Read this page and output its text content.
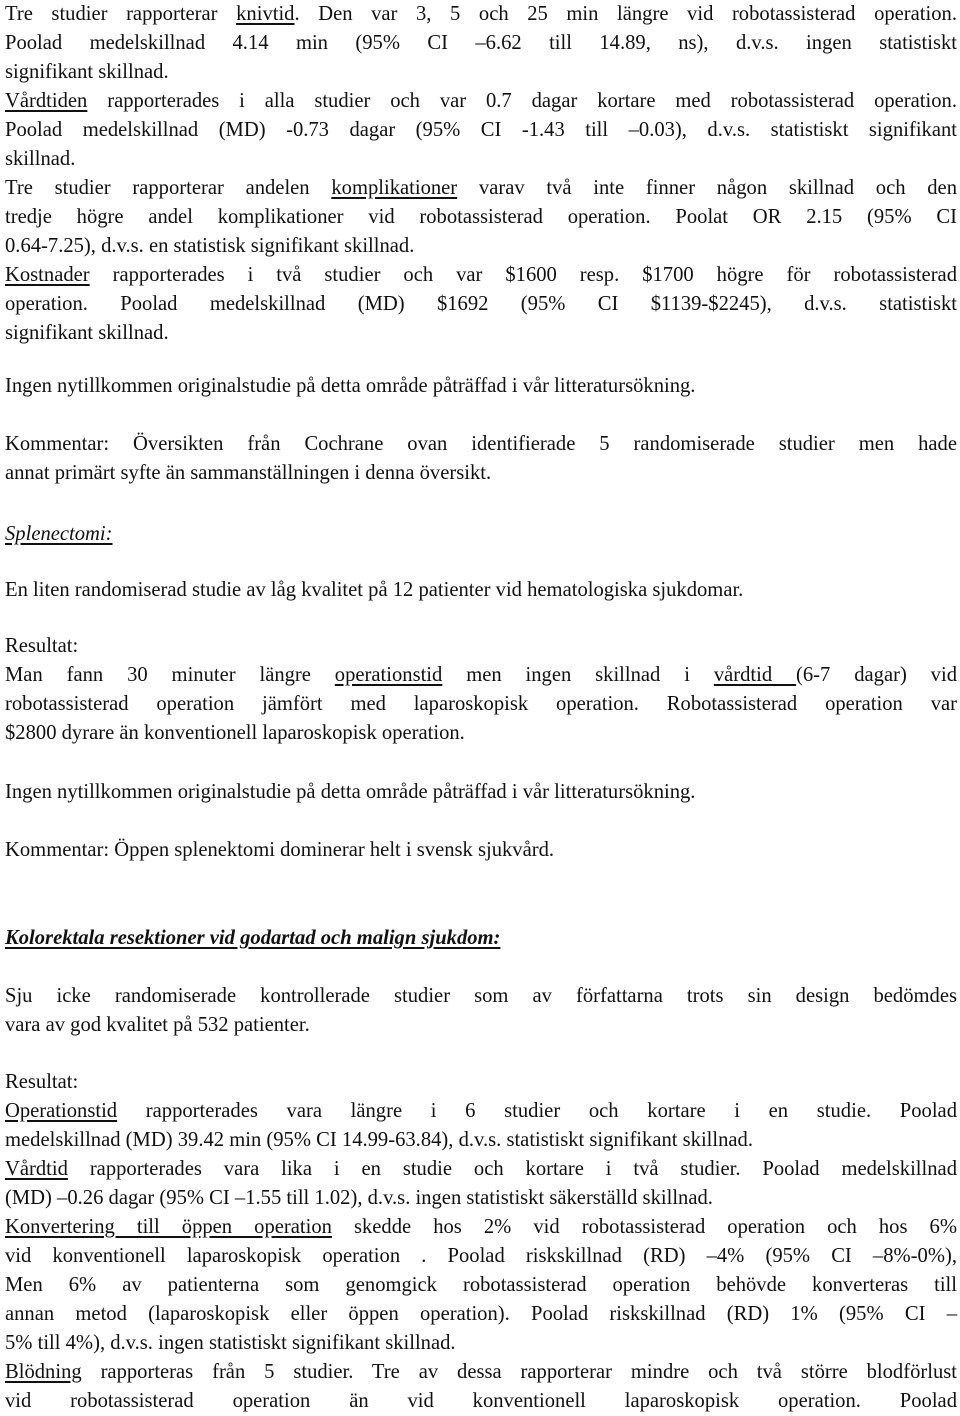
Tre studier rapporterar knivtid. Den var 3, 5 och 25 min längre vid robotassisterad operation.
Poolad medelskillnad 4.14 min (95% CI –6.62 till 14.89, ns), d.v.s. ingen statistiskt
signifikant skillnad.
Vårdtiden rapporterades i alla studier och var 0.7 dagar kortare med robotassisterad operation.
Poolad medelskillnad (MD) -0.73 dagar (95% CI -1.43 till –0.03), d.v.s. statistiskt signifikant
skillnad.
Tre studier rapporterar andelen komplikationer varav två inte finner någon skillnad och den
tredje högre andel komplikationer vid robotassisterad operation. Poolat OR 2.15 (95% CI
0.64-7.25), d.v.s. en statistisk signifikant skillnad.
Kostnader rapporterades i två studier och var $1600 resp. $1700 högre för robotassisterad
operation. Poolad medelskillnad (MD) $1692 (95% CI $1139-$2245), d.v.s. statistiskt
signifikant skillnad.
Ingen nytillkommen originalstudie på detta område påträffad i vår litteratursökning.
Kommentar: Översikten från Cochrane ovan identifierade 5 randomiserade studier men hade
annat primärt syfte än sammanställningen i denna översikt.
Splenectomi:
En liten randomiserad studie av låg kvalitet på 12 patienter vid hematologiska sjukdomar.
Resultat:
Man fann 30 minuter längre operationstid men ingen skillnad i vårdtid (6-7 dagar) vid
robotassisterad operation jämfört med laparoskopisk operation. Robotassisterad operation var
$2800 dyrare än konventionell laparoskopisk operation.
Ingen nytillkommen originalstudie på detta område påträffad i vår litteratursökning.
Kommentar: Öppen splenektomi dominerar helt i svensk sjukvård.
Kolorektala resektioner vid godartad och malign sjukdom:
Sju icke randomiserade kontrollerade studier som av författarna trots sin design bedömdes
vara av god kvalitet på 532 patienter.
Resultat:
Operationstid rapporterades vara längre i 6 studier och kortare i en studie. Poolad
medelskillnad (MD) 39.42 min (95% CI 14.99-63.84), d.v.s. statistiskt signifikant skillnad.
Vårdtid rapporterades vara lika i en studie och kortare i två studier. Poolad medelskillnad
(MD) –0.26 dagar (95% CI –1.55 till 1.02), d.v.s. ingen statistiskt säkerställd skillnad.
Konvertering till öppen operation skedde hos 2% vid robotassisterad operation och hos 6%
vid konventionell laparoskopisk operation . Poolad riskskillnad (RD) –4% (95% CI –8%-0%),
Men 6% av patienterna som genomgick robotassisterad operation behövde konverteras till
annan metod (laparoskopisk eller öppen operation). Poolad riskskillnad (RD) 1% (95% CI –
5% till 4%), d.v.s. ingen statistiskt signifikant skillnad.
Blödning rapporteras från 5 studier. Tre av dessa rapporterar mindre och två större blodförlust
vid robotassisterad operation än vid konventionell laparoskopisk operation. Poolad
